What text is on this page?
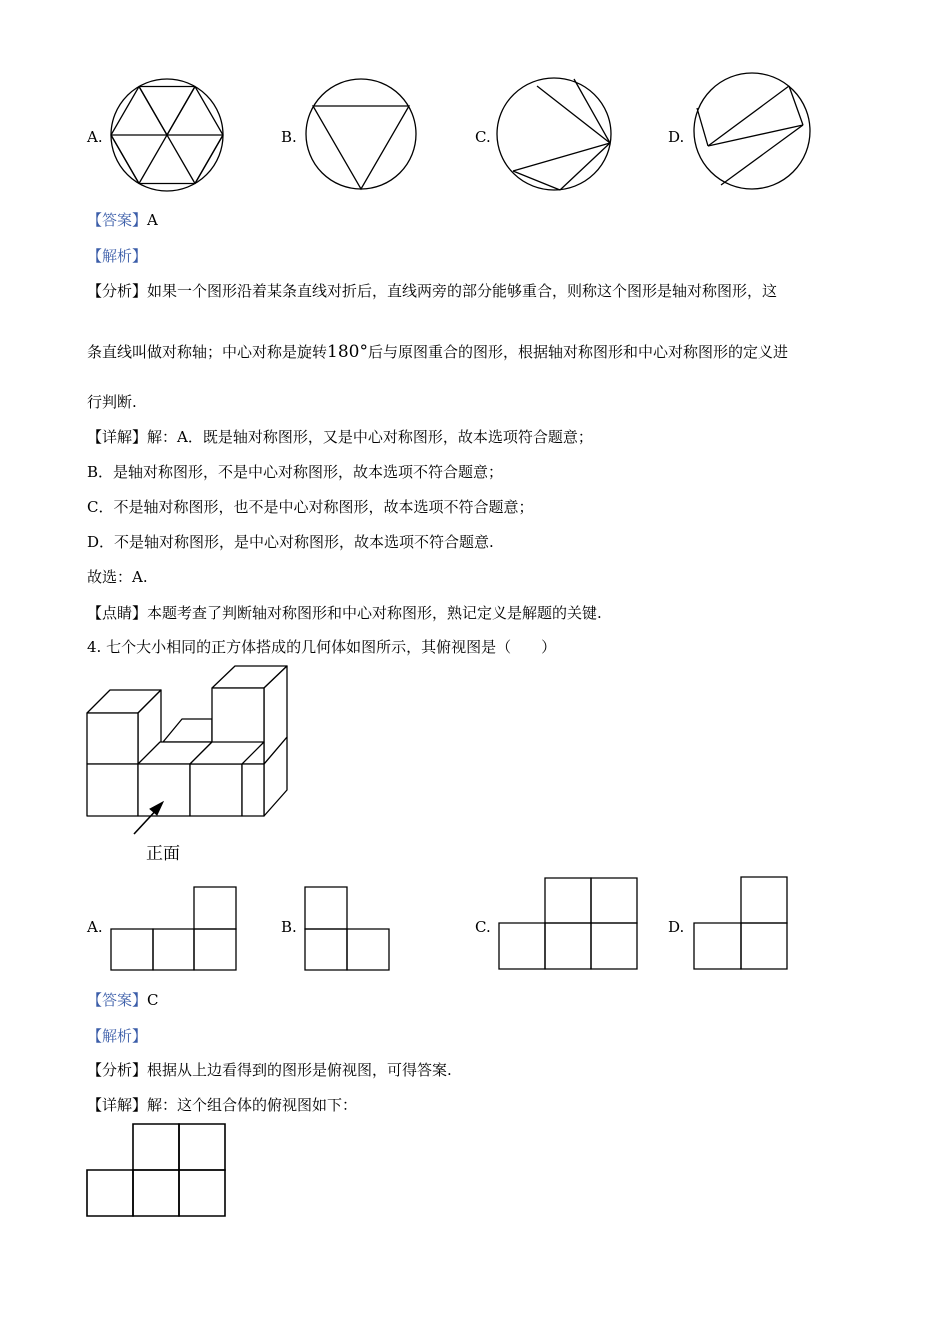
A.	B.	C.	D.
【答案】A
【解析】
【分析】如果一个图形沿着某条直线对折后，直线两旁的部分能够重合，则称这个图形是轴对称图形，这
条直线叫做对称轴；中心对称是旋转180°后与原图重合的图形，根据轴对称图形和中心对称图形的定义进
行判断.
【详解】解：A．既是轴对称图形，又是中心对称图形，故本选项符合题意；
B．是轴对称图形，不是中心对称图形，故本选项不符合题意；
C．不是轴对称图形，也不是中心对称图形，故本选项不符合题意；
D．不是轴对称图形，是中心对称图形，故本选项不符合题意.
故选：A.
【点睛】本题考查了判断轴对称图形和中心对称图形，熟记定义是解题的关键.
4. 七个大小相同的正方体搭成的几何体如图所示，其俯视图是（　　）
正面
A.	B.	C.	D.
【答案】C
【解析】
【分析】根据从上边看得到的图形是俯视图，可得答案.
【详解】解：这个组合体的俯视图如下：
